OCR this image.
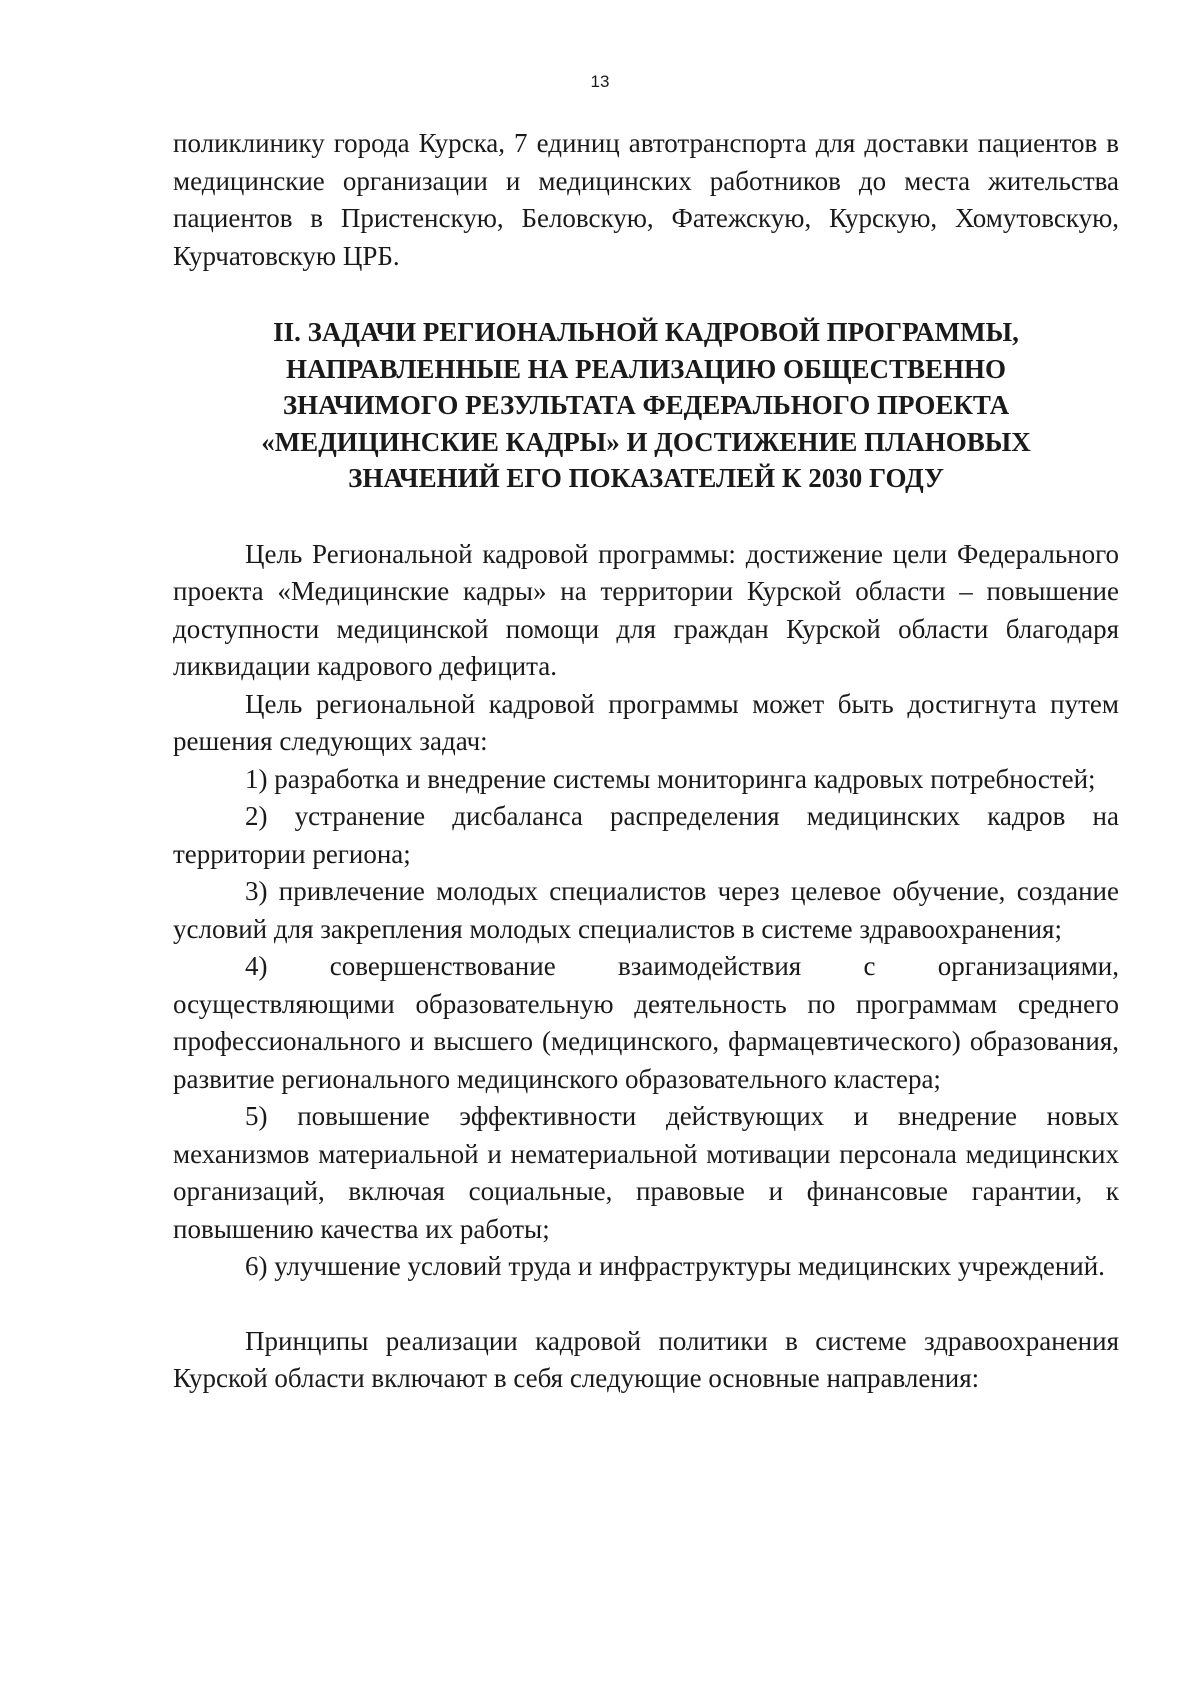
13

поликлинику города Курска, 7 единиц автотранспорта для доставки пациентов в медицинские организации и медицинских работников до места жительства пациентов в Пристенскую, Беловскую, Фатежскую, Курскую, Хомутовскую, Курчатовскую ЦРБ.

II. ЗАДАЧИ РЕГИОНАЛЬНОЙ КАДРОВОЙ ПРОГРАММЫ,
НАПРАВЛЕННЫЕ НА РЕАЛИЗАЦИЮ ОБЩЕСТВЕННО
ЗНАЧИМОГО РЕЗУЛЬТАТА ФЕДЕРАЛЬНОГО ПРОЕКТА
«МЕДИЦИНСКИЕ КАДРЫ» И ДОСТИЖЕНИЕ ПЛАНОВЫХ
ЗНАЧЕНИЙ ЕГО ПОКАЗАТЕЛЕЙ К 2030 ГОДУ

Цель Региональной кадровой программы: достижение цели Федерального проекта «Медицинские кадры» на территории Курской области – повышение доступности медицинской помощи для граждан Курской области благодаря ликвидации кадрового дефицита.

Цель региональной кадровой программы может быть достигнута путем решения следующих задач:

1) разработка и внедрение системы мониторинга кадровых потребностей;

2) устранение дисбаланса распределения медицинских кадров на территории региона;

3) привлечение молодых специалистов через целевое обучение, создание условий для закрепления молодых специалистов в системе здравоохранения;

4) совершенствование взаимодействия с организациями, осуществляющими образовательную деятельность по программам среднего профессионального и высшего (медицинского, фармацевтического) образования, развитие регионального медицинского образовательного кластера;

5) повышение эффективности действующих и внедрение новых механизмов материальной и нематериальной мотивации персонала медицинских организаций, включая социальные, правовые и финансовые гарантии, к повышению качества их работы;

6) улучшение условий труда и инфраструктуры медицинских учреждений.

Принципы реализации кадровой политики в системе здравоохранения Курской области включают в себя следующие основные направления:
